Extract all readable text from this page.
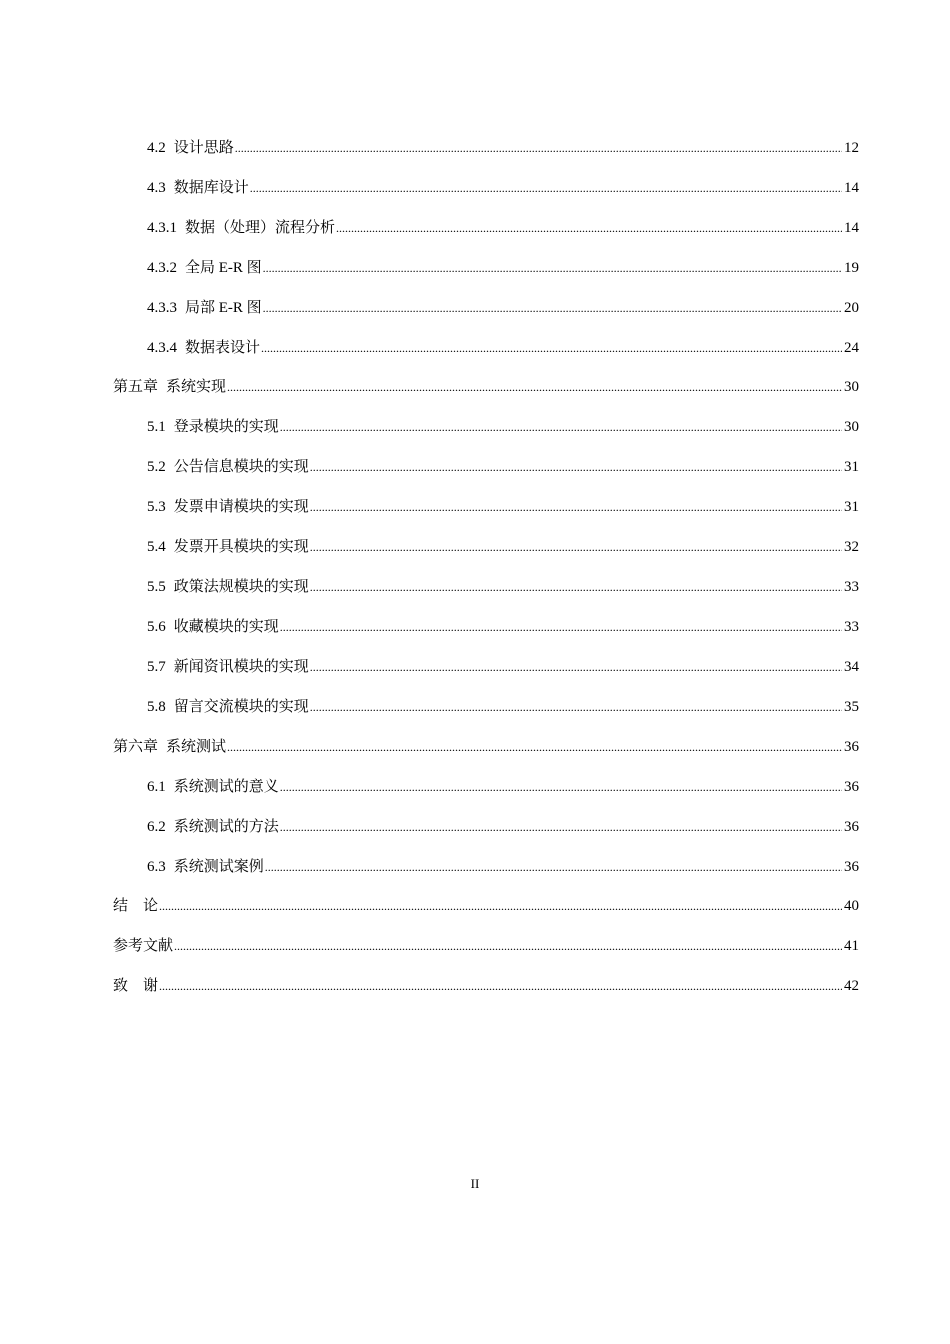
4.2 设计思路 .....	12
4.3 数据库设计 .....	14
4.3.1 数据（处理）流程分析 .....	14
4.3.2 全局 E-R 图 .....	19
4.3.3 局部 E-R 图 .....	20
4.3.4 数据表设计 .....	24
第五章 系统实现 .....	30
5.1 登录模块的实现 .....	30
5.2 公告信息模块的实现 .....	31
5.3 发票申请模块的实现 .....	31
5.4 发票开具模块的实现 .....	32
5.5 政策法规模块的实现 .....	33
5.6 收藏模块的实现 .....	33
5.7 新闻资讯模块的实现 .....	34
5.8 留言交流模块的实现 .....	35
第六章 系统测试 .....	36
6.1 系统测试的意义 .....	36
6.2 系统测试的方法 .....	36
6.3 系统测试案例 .....	36
结　论 .....	40
参考文献 .....	41
致　谢 .....	42
II
